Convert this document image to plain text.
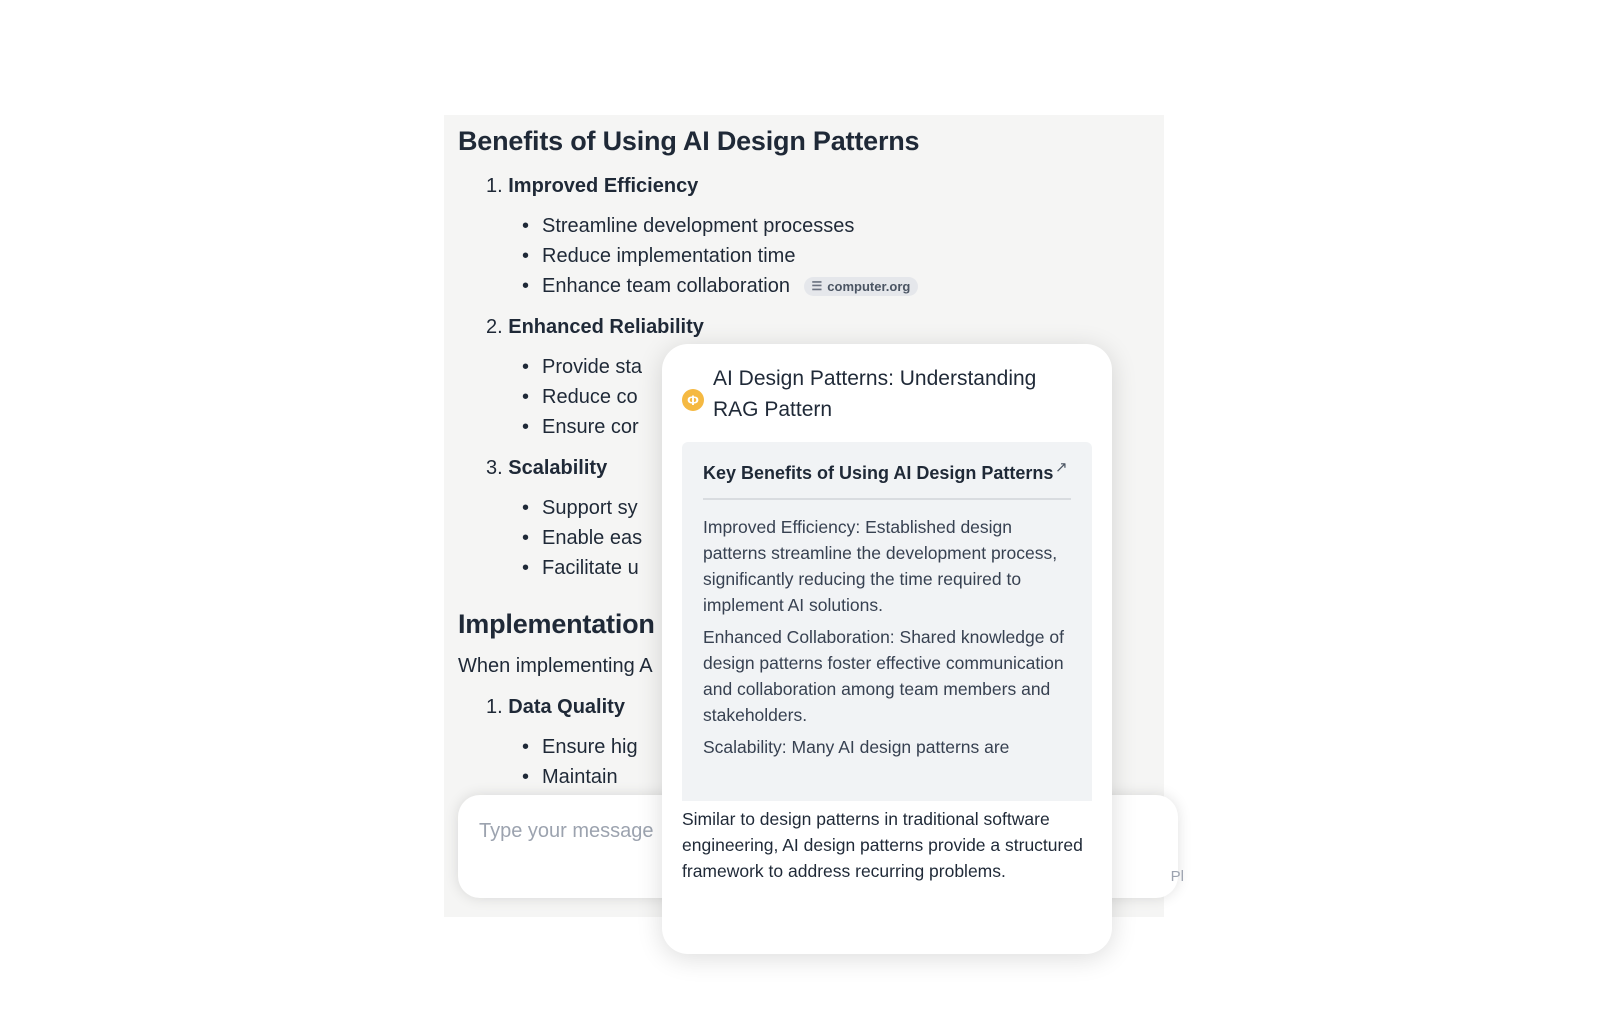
Benefits of Using AI Design Patterns
1. Improved Efficiency
• Streamline development processes
• Reduce implementation time
• Enhance team collaboration ☰ computer.org
2. Enhanced Reliability
• Provide sta
• Reduce co
• Ensure cor
3. Scalability
• Support sy
• Enable eas
• Facilitate u
Implementation
When implementing A
1. Data Quality
• Ensure hig
• Maintain
•
Type your message
Pl
Φ
AI Design Patterns: Understanding RAG Pattern
Key Benefits of Using AI Design Patterns ↗

Improved Efficiency: Established design patterns streamline the development process, significantly reducing the time required to implement AI solutions.

Enhanced Collaboration: Shared knowledge of design patterns foster effective communication and collaboration among team members and stakeholders.

Scalability: Many AI design patterns are

Similar to design patterns in traditional software engineering, AI design patterns provide a structured framework to address recurring problems.
